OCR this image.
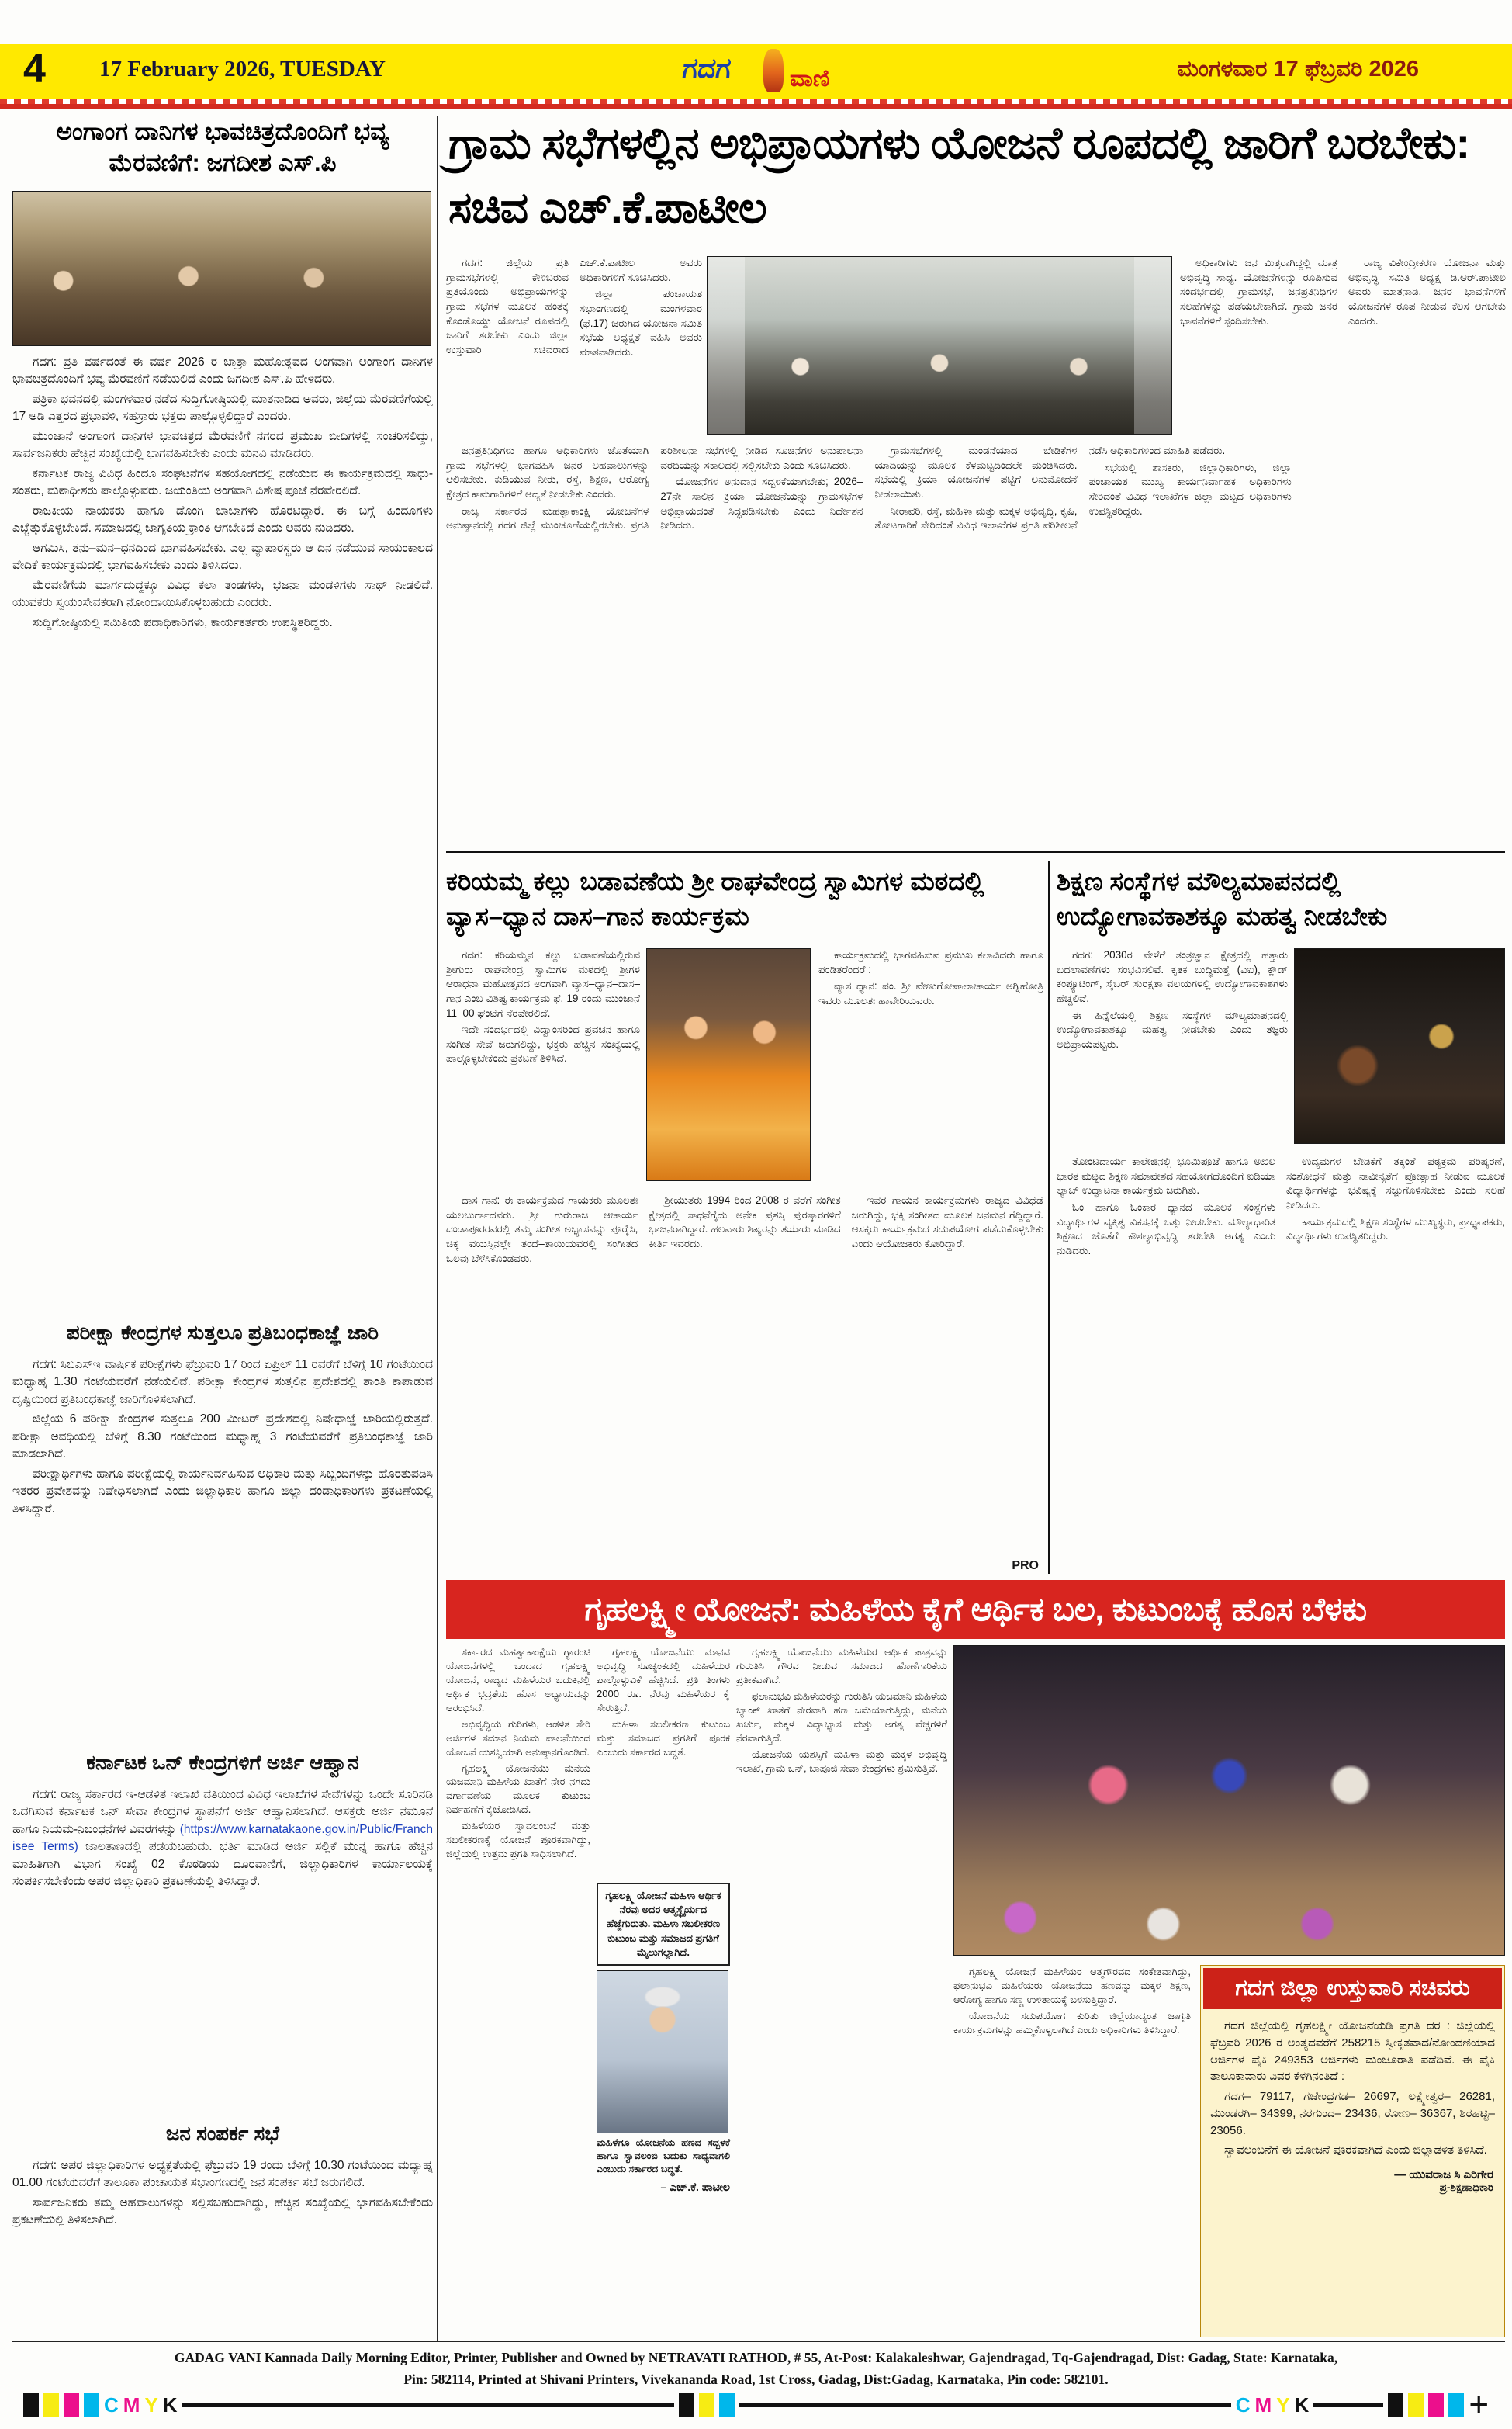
4 17 February 2026, TUESDAY	ಗದಗ ವಾಣಿ	ಮಂಗಳವಾರ 17 ಫೆಬ್ರವರಿ 2026
ಅಂಗಾಂಗ ದಾನಿಗಳ ಭಾವಚಿತ್ರದೊಂದಿಗೆ ಭವ್ಯ ಮೆರವಣಿಗೆ: ಜಗದೀಶ ಎಸ್.ಪಿ

ಗದಗ: ಪ್ರತಿ ವರ್ಷದಂತೆ ಈ ವರ್ಷ 2026 ರ ಜಾತ್ರಾ ಮಹೋತ್ಸವದ ಅಂಗವಾಗಿ ಅಂಗಾಂಗ ದಾನಿಗಳ ಭಾವಚಿತ್ರದೊಂದಿಗೆ ಭವ್ಯ ಮೆರವಣಿಗೆ ನಡೆಯಲಿದೆ ಎಂದು ಜಗದೀಶ ಎಸ್.ಪಿ ಹೇಳಿದರು.

ಪತ್ರಿಕಾ ಭವನದಲ್ಲಿ ಮಂಗಳವಾರ ನಡೆದ ಸುದ್ದಿಗೋಷ್ಠಿಯಲ್ಲಿ ಮಾತನಾಡಿದ ಅವರು, ಜಿಲ್ಲೆಯ ಮೆರವಣಿಗೆಯಲ್ಲಿ 17 ಅಡಿ ಎತ್ತರದ ಪ್ರಭಾವಳಿ, ಸಹಸ್ರಾರು ಭಕ್ತರು ಪಾಲ್ಗೊಳ್ಳಲಿದ್ದಾರೆ ಎಂದರು.

ಮುಂಜಾನೆ ಅಂಗಾಂಗ ದಾನಿಗಳ ಭಾವಚಿತ್ರದ ಮೆರವಣಿಗೆ ನಗರದ ಪ್ರಮುಖ ಬೀದಿಗಳಲ್ಲಿ ಸಂಚರಿಸಲಿದ್ದು, ಸಾರ್ವಜನಿಕರು ಹೆಚ್ಚಿನ ಸಂಖ್ಯೆಯಲ್ಲಿ ಭಾಗವಹಿಸಬೇಕು ಎಂದು ಮನವಿ ಮಾಡಿದರು.

ಕರ್ನಾಟಕ ರಾಜ್ಯ ವಿವಿಧ ಹಿಂದೂ ಸಂಘಟನೆಗಳ ಸಹಯೋಗದಲ್ಲಿ ನಡೆಯುವ ಈ ಕಾರ್ಯಕ್ರಮದಲ್ಲಿ ಸಾಧು-ಸಂತರು, ಮಠಾಧೀಶರು ಪಾಲ್ಗೊಳ್ಳುವರು. ಜಯಂತಿಯ ಅಂಗವಾಗಿ ವಿಶೇಷ ಪೂಜೆ ನೆರವೇರಲಿದೆ.

ರಾಜಕೀಯ ನಾಯಕರು ಹಾಗೂ ಡೊಂಗಿ ಬಾಬಾಗಳು ಹೊರಟಿದ್ದಾರೆ. ಈ ಬಗ್ಗೆ ಹಿಂದೂಗಳು ಎಚ್ಚೆತ್ತುಕೊಳ್ಳಬೇಕಿದೆ. ಸಮಾಜದಲ್ಲಿ ಜಾಗೃತಿಯ ಕ್ರಾಂತಿ ಆಗಬೇಕಿದೆ ಎಂದು ಅವರು ನುಡಿದರು.

ಆಗಮಿಸಿ, ತನು–ಮನ–ಧನದಿಂದ ಭಾಗವಹಿಸಬೇಕು. ಎಲ್ಲ ವ್ಯಾಪಾರಸ್ಥರು ಆ ದಿನ ನಡೆಯುವ ಸಾಯಂಕಾಲದ ವೇದಿಕೆ ಕಾರ್ಯಕ್ರಮದಲ್ಲಿ ಭಾಗವಹಿಸಬೇಕು ಎಂದು ತಿಳಿಸಿದರು.

ಮೆರವಣಿಗೆಯ ಮಾರ್ಗದುದ್ದಕ್ಕೂ ವಿವಿಧ ಕಲಾ ತಂಡಗಳು, ಭಜನಾ ಮಂಡಳಿಗಳು ಸಾಥ್ ನೀಡಲಿವೆ. ಯುವಕರು ಸ್ವಯಂಸೇವಕರಾಗಿ ನೋಂದಾಯಿಸಿಕೊಳ್ಳಬಹುದು ಎಂದರು.

ಸುದ್ದಿಗೋಷ್ಠಿಯಲ್ಲಿ ಸಮಿತಿಯ ಪದಾಧಿಕಾರಿಗಳು, ಕಾರ್ಯಕರ್ತರು ಉಪಸ್ಥಿತರಿದ್ದರು.

ಪರೀಕ್ಷಾ ಕೇಂದ್ರಗಳ ಸುತ್ತಲೂ ಪ್ರತಿಬಂಧಕಾಜ್ಞೆ ಜಾರಿ

ಗದಗ: ಸಿಬಿಎಸ್ಇ ವಾರ್ಷಿಕ ಪರೀಕ್ಷೆಗಳು ಫೆಬ್ರುವರಿ 17 ರಿಂದ ಏಪ್ರಿಲ್ 11 ರವರೆಗೆ ಬೆಳಿಗ್ಗೆ 10 ಗಂಟೆಯಿಂದ ಮಧ್ಯಾಹ್ನ 1.30 ಗಂಟೆಯವರೆಗೆ ನಡೆಯಲಿವೆ. ಪರೀಕ್ಷಾ ಕೇಂದ್ರಗಳ ಸುತ್ತಲಿನ ಪ್ರದೇಶದಲ್ಲಿ ಶಾಂತಿ ಕಾಪಾಡುವ ದೃಷ್ಟಿಯಿಂದ ಪ್ರತಿಬಂಧಕಾಜ್ಞೆ ಜಾರಿಗೊಳಿಸಲಾಗಿದೆ.

ಜಿಲ್ಲೆಯ 6 ಪರೀಕ್ಷಾ ಕೇಂದ್ರಗಳ ಸುತ್ತಲೂ 200 ಮೀಟರ್ ಪ್ರದೇಶದಲ್ಲಿ ನಿಷೇಧಾಜ್ಞೆ ಜಾರಿಯಲ್ಲಿರುತ್ತದೆ. ಪರೀಕ್ಷಾ ಅವಧಿಯಲ್ಲಿ ಬೆಳಿಗ್ಗೆ 8.30 ಗಂಟೆಯಿಂದ ಮಧ್ಯಾಹ್ನ 3 ಗಂಟೆಯವರೆಗೆ ಪ್ರತಿಬಂಧಕಾಜ್ಞೆ ಜಾರಿ ಮಾಡಲಾಗಿದೆ.

ಪರೀಕ್ಷಾರ್ಥಿಗಳು ಹಾಗೂ ಪರೀಕ್ಷೆಯಲ್ಲಿ ಕಾರ್ಯನಿರ್ವಹಿಸುವ ಅಧಿಕಾರಿ ಮತ್ತು ಸಿಬ್ಬಂದಿಗಳನ್ನು ಹೊರತುಪಡಿಸಿ ಇತರರ ಪ್ರವೇಶವನ್ನು ನಿಷೇಧಿಸಲಾಗಿದೆ ಎಂದು ಜಿಲ್ಲಾಧಿಕಾರಿ ಹಾಗೂ ಜಿಲ್ಲಾ ದಂಡಾಧಿಕಾರಿಗಳು ಪ್ರಕಟಣೆಯಲ್ಲಿ ತಿಳಿಸಿದ್ದಾರೆ.

ಕರ್ನಾಟಕ ಒನ್ ಕೇಂದ್ರಗಳಿಗೆ ಅರ್ಜಿ ಆಹ್ವಾನ

ಗದಗ: ರಾಜ್ಯ ಸರ್ಕಾರದ ಇ-ಆಡಳಿತ ಇಲಾಖೆ ವತಿಯಿಂದ ವಿವಿಧ ಇಲಾಖೆಗಳ ಸೇವೆಗಳನ್ನು ಒಂದೇ ಸೂರಿನಡಿ ಒದಗಿಸುವ ಕರ್ನಾಟಕ ಒನ್ ಸೇವಾ ಕೇಂದ್ರಗಳ ಸ್ಥಾಪನೆಗೆ ಅರ್ಜಿ ಆಹ್ವಾನಿಸಲಾಗಿದೆ. ಆಸಕ್ತರು ಅರ್ಜಿ ನಮೂನೆ ಹಾಗೂ ನಿಯಮ-ನಿಬಂಧನೆಗಳ ವಿವರಗಳನ್ನು (https://www.karnatakaone.gov.in/Public/Franchisee Terms) ಜಾಲತಾಣದಲ್ಲಿ ಪಡೆಯಬಹುದು. ಭರ್ತಿ ಮಾಡಿದ ಅರ್ಜಿ ಸಲ್ಲಿಕೆ ಮುನ್ನ ಹಾಗೂ ಹೆಚ್ಚಿನ ಮಾಹಿತಿಗಾಗಿ ವಿಭಾಗ ಸಂಖ್ಯೆ 02 ಕೊಠಡಿಯ ದೂರವಾಣಿಗೆ, ಜಿಲ್ಲಾಧಿಕಾರಿಗಳ ಕಾರ್ಯಾಲಯಕ್ಕೆ ಸಂಪರ್ಕಿಸಬೇಕೆಂದು ಅಪರ ಜಿಲ್ಲಾಧಿಕಾರಿ ಪ್ರಕಟಣೆಯಲ್ಲಿ ತಿಳಿಸಿದ್ದಾರೆ.

ಜನ ಸಂಪರ್ಕ ಸಭೆ

ಗದಗ: ಅಪರ ಜಿಲ್ಲಾಧಿಕಾರಿಗಳ ಅಧ್ಯಕ್ಷತೆಯಲ್ಲಿ ಫೆಬ್ರುವರಿ 19 ರಂದು ಬೆಳಿಗ್ಗೆ 10.30 ಗಂಟೆಯಿಂದ ಮಧ್ಯಾಹ್ನ 01.00 ಗಂಟೆಯವರೆಗೆ ತಾಲೂಕಾ ಪಂಚಾಯತ ಸಭಾಂಗಣದಲ್ಲಿ ಜನ ಸಂಪರ್ಕ ಸಭೆ ಜರುಗಲಿದೆ.

ಸಾರ್ವಜನಿಕರು ತಮ್ಮ ಅಹವಾಲುಗಳನ್ನು ಸಲ್ಲಿಸಬಹುದಾಗಿದ್ದು, ಹೆಚ್ಚಿನ ಸಂಖ್ಯೆಯಲ್ಲಿ ಭಾಗವಹಿಸಬೇಕೆಂದು ಪ್ರಕಟಣೆಯಲ್ಲಿ ತಿಳಿಸಲಾಗಿದೆ.

ಗ್ರಾಮ ಸಭೆಗಳಲ್ಲಿನ ಅಭಿಪ್ರಾಯಗಳು ಯೋಜನೆ ರೂಪದಲ್ಲಿ ಜಾರಿಗೆ ಬರಬೇಕು: ಸಚಿವ ಎಚ್.ಕೆ.ಪಾಟೀಲ

ಗದಗ: ಜಿಲ್ಲೆಯ ಪ್ರತಿ ಗ್ರಾಮಸಭೆಗಳಲ್ಲಿ ಕೇಳಿಬರುವ ಪ್ರತಿಯೊಂದು ಅಭಿಪ್ರಾಯಗಳನ್ನು ಗ್ರಾಮ ಸಭೆಗಳ ಮೂಲಕ ಹಂತಕ್ಕೆ ಕೊಂಡೊಯ್ದು ಯೋಜನೆ ರೂಪದಲ್ಲಿ ಜಾರಿಗೆ ತರಬೇಕು ಎಂದು ಜಿಲ್ಲಾ ಉಸ್ತುವಾರಿ ಸಚಿವರಾದ ಎಚ್.ಕೆ.ಪಾಟೀಲ ಅವರು ಅಧಿಕಾರಿಗಳಿಗೆ ಸೂಚಿಸಿದರು.

ಜಿಲ್ಲಾ ಪಂಚಾಯತ ಸಭಾಂಗಣದಲ್ಲಿ ಮಂಗಳವಾರ (ಫೆ.17) ಜರುಗಿದ ಯೋಜನಾ ಸಮಿತಿ ಸಭೆಯ ಅಧ್ಯಕ್ಷತೆ ವಹಿಸಿ ಅವರು ಮಾತನಾಡಿದರು.

ಅಧಿಕಾರಿಗಳು ಜನ ಮಿತ್ರರಾಗಿದ್ದಲ್ಲಿ ಮಾತ್ರ ಅಭಿವೃದ್ಧಿ ಸಾಧ್ಯ. ಯೋಜನೆಗಳನ್ನು ರೂಪಿಸುವ ಸಂದರ್ಭದಲ್ಲಿ ಗ್ರಾಮಸಭೆ, ಜನಪ್ರತಿನಿಧಿಗಳ ಸಲಹೆಗಳನ್ನು ಪಡೆಯಬೇಕಾಗಿದೆ. ಗ್ರಾಮ ಜನರ ಭಾವನೆಗಳಿಗೆ ಸ್ಪಂದಿಸಬೇಕು.

ರಾಜ್ಯ ವಿಕೇಂದ್ರೀಕರಣ ಯೋಜನಾ ಮತ್ತು ಅಭಿವೃದ್ಧಿ ಸಮಿತಿ ಅಧ್ಯಕ್ಷ ಡಿ.ಆರ್.ಪಾಟೀಲ ಅವರು ಮಾತನಾಡಿ, ಜನರ ಭಾವನೆಗಳಿಗೆ ಯೋಜನೆಗಳ ರೂಪ ನೀಡುವ ಕೆಲಸ ಆಗಬೇಕು ಎಂದರು.

ಜನಪ್ರತಿನಿಧಿಗಳು ಹಾಗೂ ಅಧಿಕಾರಿಗಳು ಜೊತೆಯಾಗಿ ಗ್ರಾಮ ಸಭೆಗಳಲ್ಲಿ ಭಾಗವಹಿಸಿ ಜನರ ಅಹವಾಲುಗಳನ್ನು ಆಲಿಸಬೇಕು. ಕುಡಿಯುವ ನೀರು, ರಸ್ತೆ, ಶಿಕ್ಷಣ, ಆರೋಗ್ಯ ಕ್ಷೇತ್ರದ ಕಾಮಗಾರಿಗಳಿಗೆ ಆದ್ಯತೆ ನೀಡಬೇಕು ಎಂದರು.

ರಾಜ್ಯ ಸರ್ಕಾರದ ಮಹತ್ವಾಕಾಂಕ್ಷಿ ಯೋಜನೆಗಳ ಅನುಷ್ಠಾನದಲ್ಲಿ ಗದಗ ಜಿಲ್ಲೆ ಮುಂಚೂಣಿಯಲ್ಲಿರಬೇಕು. ಪ್ರಗತಿ ಪರಿಶೀಲನಾ ಸಭೆಗಳಲ್ಲಿ ನೀಡಿದ ಸೂಚನೆಗಳ ಅನುಪಾಲನಾ ವರದಿಯನ್ನು ಸಕಾಲದಲ್ಲಿ ಸಲ್ಲಿಸಬೇಕು ಎಂದು ಸೂಚಿಸಿದರು.

ಯೋಜನೆಗಳ ಅನುದಾನ ಸದ್ಬಳಕೆಯಾಗಬೇಕು; 2026–27ನೇ ಸಾಲಿನ ಕ್ರಿಯಾ ಯೋಜನೆಯನ್ನು ಗ್ರಾಮಸಭೆಗಳ ಅಭಿಪ್ರಾಯದಂತೆ ಸಿದ್ಧಪಡಿಸಬೇಕು ಎಂದು ನಿರ್ದೇಶನ ನೀಡಿದರು.

ಗ್ರಾಮಸಭೆಗಳಲ್ಲಿ ಮಂಡನೆಯಾದ ಬೇಡಿಕೆಗಳ ಯಾದಿಯನ್ನು ಮೂಲಕ ಕೆಳಮಟ್ಟದಿಂದಲೇ ಮಂಡಿಸಿದರು. ಸಭೆಯಲ್ಲಿ ಕ್ರಿಯಾ ಯೋಜನೆಗಳ ಪಟ್ಟಿಗೆ ಅನುಮೋದನೆ ನೀಡಲಾಯಿತು.

ನೀರಾವರಿ, ರಸ್ತೆ, ಮಹಿಳಾ ಮತ್ತು ಮಕ್ಕಳ ಅಭಿವೃದ್ಧಿ, ಕೃಷಿ, ತೋಟಗಾರಿಕೆ ಸೇರಿದಂತೆ ವಿವಿಧ ಇಲಾಖೆಗಳ ಪ್ರಗತಿ ಪರಿಶೀಲನೆ ನಡೆಸಿ ಅಧಿಕಾರಿಗಳಿಂದ ಮಾಹಿತಿ ಪಡೆದರು.

ಸಭೆಯಲ್ಲಿ ಶಾಸಕರು, ಜಿಲ್ಲಾಧಿಕಾರಿಗಳು, ಜಿಲ್ಲಾ ಪಂಚಾಯತ ಮುಖ್ಯ ಕಾರ್ಯನಿರ್ವಾಹಕ ಅಧಿಕಾರಿಗಳು ಸೇರಿದಂತೆ ವಿವಿಧ ಇಲಾಖೆಗಳ ಜಿಲ್ಲಾ ಮಟ್ಟದ ಅಧಿಕಾರಿಗಳು ಉಪಸ್ಥಿತರಿದ್ದರು.

ಕರಿಯಮ್ಮ ಕಲ್ಲು ಬಡಾವಣೆಯ ಶ್ರೀ ರಾಘವೇಂದ್ರ ಸ್ವಾಮಿಗಳ ಮಠದಲ್ಲಿ ವ್ಯಾಸ–ಧ್ಯಾನ ದಾಸ–ಗಾನ ಕಾರ್ಯಕ್ರಮ

ಗದಗ: ಕರಿಯಮ್ಮನ ಕಲ್ಲು ಬಡಾವಣೆಯಲ್ಲಿರುವ ಶ್ರೀಗುರು ರಾಘವೇಂದ್ರ ಸ್ವಾಮಿಗಳ ಮಠದಲ್ಲಿ ಶ್ರೀಗಳ ಆರಾಧನಾ ಮಹೋತ್ಸವದ ಅಂಗವಾಗಿ ವ್ಯಾಸ–ಧ್ಯಾನ–ದಾಸ–ಗಾನ ಎಂಬ ವಿಶಿಷ್ಟ ಕಾರ್ಯಕ್ರಮ ಫೆ. 19 ರಂದು ಮುಂಜಾನೆ 11–00 ಘಂಟೆಗೆ ನೆರವೇರಲಿದೆ.

ಇದೇ ಸಂದರ್ಭದಲ್ಲಿ ವಿದ್ವಾಂಸರಿಂದ ಪ್ರವಚನ ಹಾಗೂ ಸಂಗೀತ ಸೇವೆ ಜರುಗಲಿದ್ದು, ಭಕ್ತರು ಹೆಚ್ಚಿನ ಸಂಖ್ಯೆಯಲ್ಲಿ ಪಾಲ್ಗೊಳ್ಳಬೇಕೆಂದು ಪ್ರಕಟಣೆ ತಿಳಿಸಿದೆ.

ಕಾರ್ಯಕ್ರಮದಲ್ಲಿ ಭಾಗವಹಿಸುವ ಪ್ರಮುಖ ಕಲಾವಿದರು ಹಾಗೂ ಪಂಡಿತರೆಂದರೆ :

ವ್ಯಾಸ ಧ್ಯಾನ: ಪಂ. ಶ್ರೀ ವೇಣುಗೋಪಾಲಾಚಾರ್ಯ ಅಗ್ನಿಹೋತ್ರಿ ಇವರು ಮೂಲತಃ ಹಾವೇರಿಯವರು.

ದಾಸ ಗಾನ: ಈ ಕಾರ್ಯಕ್ರಮದ ಗಾಯಕರು ಮೂಲತಃ ಯಲಬುರ್ಗಾದವರು. ಶ್ರೀ ಗುರುರಾಜ ಆಚಾರ್ಯ ದಂಡಾಪೂರರವರಲ್ಲಿ ತಮ್ಮ ಸಂಗೀತ ಅಭ್ಯಾಸವನ್ನು ಪೂರೈಸಿ, ಚಿಕ್ಕ ವಯಸ್ಸಿನಲ್ಲೇ ತಂದೆ–ತಾಯಿಯವರಲ್ಲಿ ಸಂಗೀತದ ಒಲವು ಬೆಳೆಸಿಕೊಂಡವರು.

ಶ್ರೀಯುತರು 1994 ರಿಂದ 2008 ರ ವರೆಗೆ ಸಂಗೀತ ಕ್ಷೇತ್ರದಲ್ಲಿ ಸಾಧನೆಗೈದು ಅನೇಕ ಪ್ರಶಸ್ತಿ ಪುರಸ್ಕಾರಗಳಿಗೆ ಭಾಜನರಾಗಿದ್ದಾರೆ. ಹಲವಾರು ಶಿಷ್ಯರನ್ನು ತಯಾರು ಮಾಡಿದ ಕೀರ್ತಿ ಇವರದು.

ಇವರ ಗಾಯನ ಕಾರ್ಯಕ್ರಮಗಳು ರಾಜ್ಯದ ವಿವಿಧೆಡೆ ಜರುಗಿದ್ದು, ಭಕ್ತಿ ಸಂಗೀತದ ಮೂಲಕ ಜನಮನ ಗೆದ್ದಿದ್ದಾರೆ. ಆಸಕ್ತರು ಕಾರ್ಯಕ್ರಮದ ಸದುಪಯೋಗ ಪಡೆದುಕೊಳ್ಳಬೇಕು ಎಂದು ಆಯೋಜಕರು ಕೋರಿದ್ದಾರೆ.

PRO
ಶಿಕ್ಷಣ ಸಂಸ್ಥೆಗಳ ಮೌಲ್ಯಮಾಪನದಲ್ಲಿ ಉದ್ಯೋಗಾವಕಾಶಕ್ಕೂ ಮಹತ್ವ ನೀಡಬೇಕು

ಗದಗ: 2030ರ ವೇಳೆಗೆ ತಂತ್ರಜ್ಞಾನ ಕ್ಷೇತ್ರದಲ್ಲಿ ಹತ್ತಾರು ಬದಲಾವಣೆಗಳು ಸಂಭವಿಸಲಿವೆ. ಕೃತಕ ಬುದ್ಧಿಮತ್ತೆ (ಎಐ), ಕ್ಲೌಡ್ ಕಂಪ್ಯೂಟಿಂಗ್, ಸೈಬರ್ ಸುರಕ್ಷತಾ ವಲಯಗಳಲ್ಲಿ ಉದ್ಯೋಗಾವಕಾಶಗಳು ಹೆಚ್ಚಲಿವೆ.

ಈ ಹಿನ್ನೆಲೆಯಲ್ಲಿ ಶಿಕ್ಷಣ ಸಂಸ್ಥೆಗಳ ಮೌಲ್ಯಮಾಪನದಲ್ಲಿ ಉದ್ಯೋಗಾವಕಾಶಕ್ಕೂ ಮಹತ್ವ ನೀಡಬೇಕು ಎಂದು ತಜ್ಞರು ಅಭಿಪ್ರಾಯಪಟ್ಟರು.

ತೋಂಟದಾರ್ಯ ಕಾಲೇಜಿನಲ್ಲಿ ಭೂಮಿಪೂಜೆ ಹಾಗೂ ಅಖಿಲ ಭಾರತ ಮಟ್ಟದ ಶಿಕ್ಷಣ ಸಮಾವೇಶದ ಸಹಯೋಗದೊಂದಿಗೆ ಐಡಿಯಾ ಲ್ಯಾಬ್ ಉದ್ಘಾಟನಾ ಕಾರ್ಯಕ್ರಮ ಜರುಗಿತು.

ಓಂ ಹಾಗೂ ಓಂಕಾರ ಧ್ಯಾನದ ಮೂಲಕ ಸಂಸ್ಥೆಗಳು ವಿದ್ಯಾರ್ಥಿಗಳ ವ್ಯಕ್ತಿತ್ವ ವಿಕಸನಕ್ಕೆ ಒತ್ತು ನೀಡಬೇಕು. ಮೌಲ್ಯಾಧಾರಿತ ಶಿಕ್ಷಣದ ಜೊತೆಗೆ ಕೌಶಲ್ಯಾಭಿವೃದ್ಧಿ ತರಬೇತಿ ಅಗತ್ಯ ಎಂದು ನುಡಿದರು.

ಉದ್ಯಮಗಳ ಬೇಡಿಕೆಗೆ ತಕ್ಕಂತೆ ಪಠ್ಯಕ್ರಮ ಪರಿಷ್ಕರಣೆ, ಸಂಶೋಧನೆ ಮತ್ತು ನಾವೀನ್ಯತೆಗೆ ಪ್ರೋತ್ಸಾಹ ನೀಡುವ ಮೂಲಕ ವಿದ್ಯಾರ್ಥಿಗಳನ್ನು ಭವಿಷ್ಯಕ್ಕೆ ಸಜ್ಜುಗೊಳಿಸಬೇಕು ಎಂದು ಸಲಹೆ ನೀಡಿದರು.

ಕಾರ್ಯಕ್ರಮದಲ್ಲಿ ಶಿಕ್ಷಣ ಸಂಸ್ಥೆಗಳ ಮುಖ್ಯಸ್ಥರು, ಪ್ರಾಧ್ಯಾಪಕರು, ವಿದ್ಯಾರ್ಥಿಗಳು ಉಪಸ್ಥಿತರಿದ್ದರು.

ಗೃಹಲಕ್ಷ್ಮೀ ಯೋಜನೆ: ಮಹಿಳೆಯ ಕೈಗೆ ಆರ್ಥಿಕ ಬಲ, ಕುಟುಂಬಕ್ಕೆ ಹೊಸ ಬೆಳಕು

ಸರ್ಕಾರದ ಮಹತ್ವಾಕಾಂಕ್ಷೆಯ ಗ್ಯಾರಂಟಿ ಯೋಜನೆಗಳಲ್ಲಿ ಒಂದಾದ ಗೃಹಲಕ್ಷ್ಮಿ ಯೋಜನೆ, ರಾಜ್ಯದ ಮಹಿಳೆಯರ ಬದುಕಿನಲ್ಲಿ ಆರ್ಥಿಕ ಭದ್ರತೆಯ ಹೊಸ ಅಧ್ಯಾಯವನ್ನು ಆರಂಭಿಸಿದೆ.

ಅಭಿವೃದ್ಧಿಯ ಗುರಿಗಳು, ಆಡಳಿತ ಸೇರಿ ಅರ್ಜಿಗಳ ಸಮಾನ ನಿಯಮ ಪಾಲನೆಯಿಂದ ಯೋಜನೆ ಯಶಸ್ವಿಯಾಗಿ ಅನುಷ್ಠಾನಗೊಂಡಿದೆ.

ಗೃಹಲಕ್ಷ್ಮಿ ಯೋಜನೆಯು ಮನೆಯ ಯಜಮಾನಿ ಮಹಿಳೆಯ ಖಾತೆಗೆ ನೇರ ನಗದು ವರ್ಗಾವಣೆಯ ಮೂಲಕ ಕುಟುಂಬ ನಿರ್ವಹಣೆಗೆ ಕೈಜೋಡಿಸಿದೆ.

ಮಹಿಳೆಯರ ಸ್ವಾವಲಂಬನೆ ಮತ್ತು ಸಬಲೀಕರಣಕ್ಕೆ ಯೋಜನೆ ಪೂರಕವಾಗಿದ್ದು, ಜಿಲ್ಲೆಯಲ್ಲಿ ಉತ್ತಮ ಪ್ರಗತಿ ಸಾಧಿಸಲಾಗಿದೆ.

ಗೃಹಲಕ್ಷ್ಮಿ ಯೋಜನೆಯು ಮಾನವ ಅಭಿವೃದ್ಧಿ ಸೂಚ್ಯಂಕದಲ್ಲಿ ಮಹಿಳೆಯರ ಪಾಲ್ಗೊಳ್ಳುವಿಕೆ ಹೆಚ್ಚಿಸಿದೆ. ಪ್ರತಿ ತಿಂಗಳು 2000 ರೂ. ನೆರವು ಮಹಿಳೆಯರ ಕೈ ಸೇರುತ್ತಿದೆ.

ಮಹಿಳಾ ಸಬಲೀಕರಣ ಕುಟುಂಬ ಮತ್ತು ಸಮಾಜದ ಪ್ರಗತಿಗೆ ಪೂರಕ ಎಂಬುದು ಸರ್ಕಾರದ ಬದ್ಧತೆ.

ಗೃಹಲಕ್ಷ್ಮಿ ಯೋಜನೆ ಮಹಿಳಾ ಆರ್ಥಿಕ ನೆರವು ಅದರ ಆತ್ಮಸ್ಥೈರ್ಯದ ಹೆಜ್ಜೆಗುರುತು. ಮಹಿಳಾ ಸಬಲೀಕರಣ ಕುಟುಂಬ ಮತ್ತು ಸಮಾಜದ ಪ್ರಗತಿಗೆ ಮೈಲುಗಲ್ಲಾಗಿದೆ.
ಮಹಿಳೆಗೂ ಯೋಜನೆಯ ಹಣದ ಸದ್ಬಳಕೆ ಹಾಗೂ ಸ್ವಾವಲಂಬಿ ಬದುಕು ಸಾಧ್ಯವಾಗಲಿ ಎಂಬುದು ಸರ್ಕಾರದ ಬದ್ಧತೆ.
– ಎಚ್.ಕೆ. ಪಾಟೀಲ

ಗೃಹಲಕ್ಷ್ಮಿ ಯೋಜನೆಯು ಮಹಿಳೆಯರ ಆರ್ಥಿಕ ಪಾತ್ರವನ್ನು ಗುರುತಿಸಿ ಗೌರವ ನೀಡುವ ಸಮಾಜದ ಹೊಣೆಗಾರಿಕೆಯ ಪ್ರತೀಕವಾಗಿದೆ.

ಫಲಾನುಭವಿ ಮಹಿಳೆಯರನ್ನು ಗುರುತಿಸಿ ಯಜಮಾನಿ ಮಹಿಳೆಯ ಬ್ಯಾಂಕ್ ಖಾತೆಗೆ ನೇರವಾಗಿ ಹಣ ಜಮೆಯಾಗುತ್ತಿದ್ದು, ಮನೆಯ ಖರ್ಚು, ಮಕ್ಕಳ ವಿದ್ಯಾಭ್ಯಾಸ ಮತ್ತು ಅಗತ್ಯ ವೆಚ್ಚಗಳಿಗೆ ನೆರವಾಗುತ್ತಿದೆ.

ಯೋಜನೆಯ ಯಶಸ್ಸಿಗೆ ಮಹಿಳಾ ಮತ್ತು ಮಕ್ಕಳ ಅಭಿವೃದ್ಧಿ ಇಲಾಖೆ, ಗ್ರಾಮ ಒನ್, ಬಾಪೂಜಿ ಸೇವಾ ಕೇಂದ್ರಗಳು ಶ್ರಮಿಸುತ್ತಿವೆ.

ಗೃಹಲಕ್ಷ್ಮಿ ಯೋಜನೆ ಮಹಿಳೆಯರ ಆತ್ಮಗೌರವದ ಸಂಕೇತವಾಗಿದ್ದು, ಫಲಾನುಭವಿ ಮಹಿಳೆಯರು ಯೋಜನೆಯ ಹಣವನ್ನು ಮಕ್ಕಳ ಶಿಕ್ಷಣ, ಆರೋಗ್ಯ ಹಾಗೂ ಸಣ್ಣ ಉಳಿತಾಯಕ್ಕೆ ಬಳಸುತ್ತಿದ್ದಾರೆ.

ಯೋಜನೆಯ ಸದುಪಯೋಗ ಕುರಿತು ಜಿಲ್ಲೆಯಾದ್ಯಂತ ಜಾಗೃತಿ ಕಾರ್ಯಕ್ರಮಗಳನ್ನು ಹಮ್ಮಿಕೊಳ್ಳಲಾಗಿದೆ ಎಂದು ಅಧಿಕಾರಿಗಳು ತಿಳಿಸಿದ್ದಾರೆ.

ಗದಗ ಜಿಲ್ಲಾ ಉಸ್ತುವಾರಿ ಸಚಿವರು

ಗದಗ ಜಿಲ್ಲೆಯಲ್ಲಿ ಗೃಹಲಕ್ಷ್ಮೀ ಯೋಜನೆಯಡಿ ಪ್ರಗತಿ ದರ : ಜಿಲ್ಲೆಯಲ್ಲಿ ಫೆಬ್ರವರಿ 2026 ರ ಅಂತ್ಯದವರೆಗೆ 258215 ಸ್ವೀಕೃತವಾದ/ನೋಂದಣಿಯಾದ ಅರ್ಜಿಗಳ ಪೈಕಿ 249353 ಅರ್ಜಿಗಳು ಮಂಜೂರಾತಿ ಪಡೆದಿವೆ. ಈ ಪೈಕಿ ತಾಲೂಕಾವಾರು ವಿವರ ಕೆಳಗಿನಂತಿದೆ :

ಗದಗ– 79117, ಗಜೇಂದ್ರಗಡ– 26697, ಲಕ್ಷ್ಮೇಶ್ವರ– 26281, ಮುಂಡರಗಿ– 34399, ನರಗುಂದ– 23436, ರೋಣ– 36367, ಶಿರಹಟ್ಟಿ– 23056.

ಸ್ವಾವಲಂಬನೆಗೆ ಈ ಯೋಜನೆ ಪೂರಕವಾಗಿದೆ ಎಂದು ಜಿಲ್ಲಾಡಳಿತ ತಿಳಿಸಿದೆ.

— ಯುವರಾಜ ಸಿ ಎರಿಗೇರ
ಪ್ರ-ಶಿಕ್ಷಣಾಧಿಕಾರಿ
GADAG VANI Kannada Daily Morning Editor, Printer, Publisher and Owned by NETRAVATI RATHOD, # 55, At-Post: Kalakaleshwar, Gajendragad, Tq-Gajendragad, Dist: Gadag, State: Karnataka,
Pin: 582114, Printed at Shivani Printers, Vivekananda Road, 1st Cross, Gadag, Dist:Gadag, Karnataka, Pin code: 582101.
C M Y K	C M Y K	+
